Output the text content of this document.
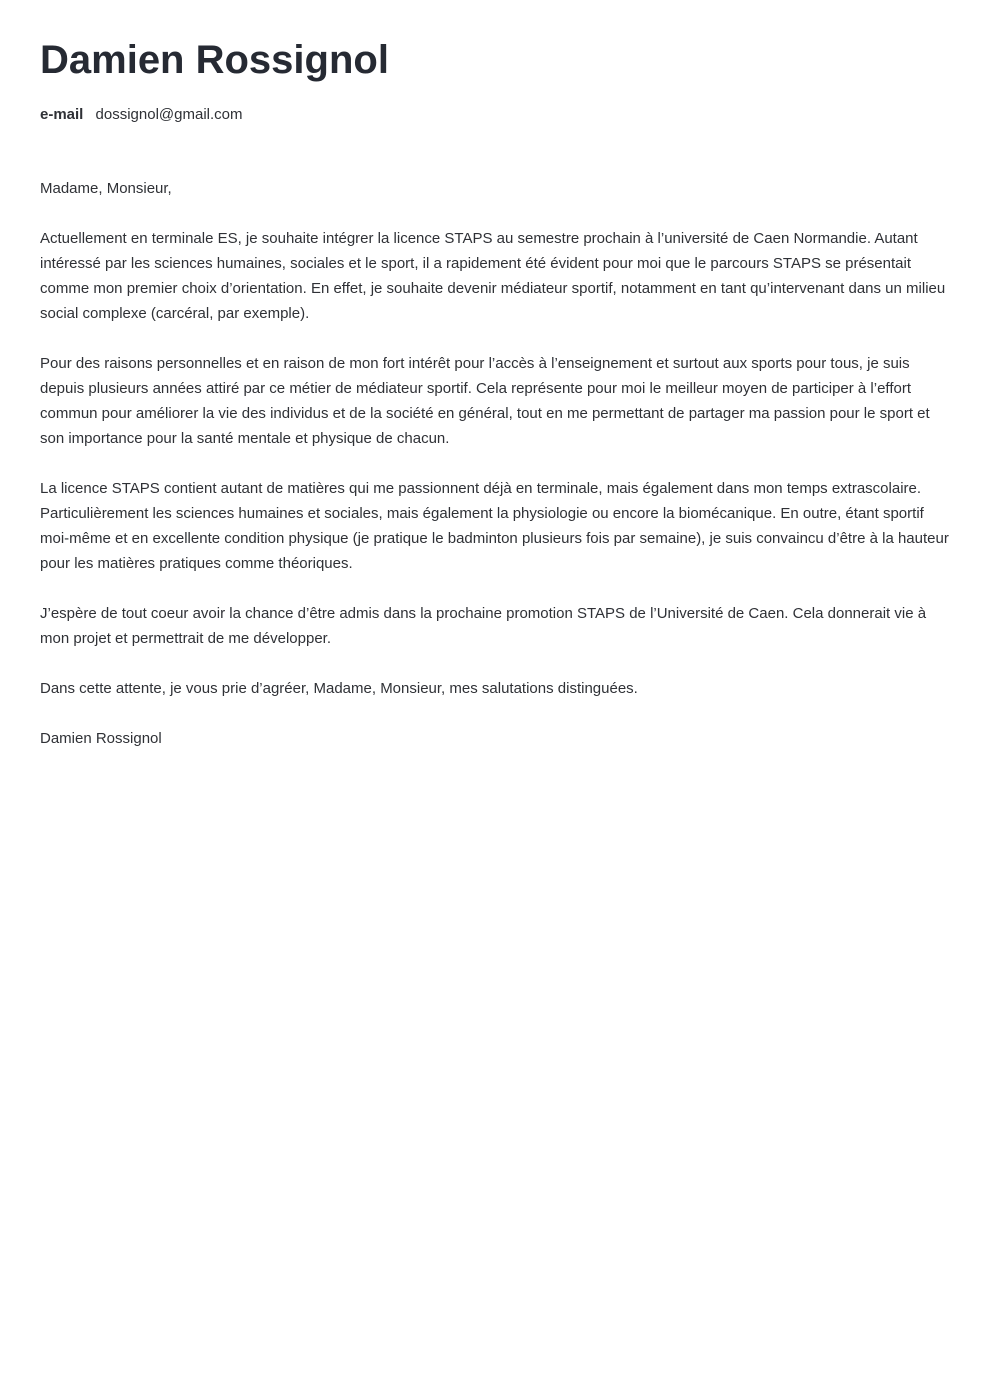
Damien Rossignol
e-mail dossignol@gmail.com

Madame, Monsieur,

Actuellement en terminale ES, je souhaite intégrer la licence STAPS au semestre prochain à l’université de Caen Normandie. Autant intéressé par les sciences humaines, sociales et le sport, il a rapidement été évident pour moi que le parcours STAPS se présentait comme mon premier choix d’orientation. En effet, je souhaite devenir médiateur sportif, notamment en tant qu’intervenant dans un milieu social complexe (carcéral, par exemple).

Pour des raisons personnelles et en raison de mon fort intérêt pour l’accès à l’enseignement et surtout aux sports pour tous, je suis depuis plusieurs années attiré par ce métier de médiateur sportif. Cela représente pour moi le meilleur moyen de participer à l’effort commun pour améliorer la vie des individus et de la société en général, tout en me permettant de partager ma passion pour le sport et son importance pour la santé mentale et physique de chacun.

La licence STAPS contient autant de matières qui me passionnent déjà en terminale, mais également dans mon temps extrascolaire. Particulièrement les sciences humaines et sociales, mais également la physiologie ou encore la biomécanique. En outre, étant sportif moi-même et en excellente condition physique (je pratique le badminton plusieurs fois par semaine), je suis convaincu d’être à la hauteur pour les matières pratiques comme théoriques.

J’espère de tout coeur avoir la chance d’être admis dans la prochaine promotion STAPS de l’Université de Caen. Cela donnerait vie à mon projet et permettrait de me développer.

Dans cette attente, je vous prie d’agréer, Madame, Monsieur, mes salutations distinguées.

Damien Rossignol
